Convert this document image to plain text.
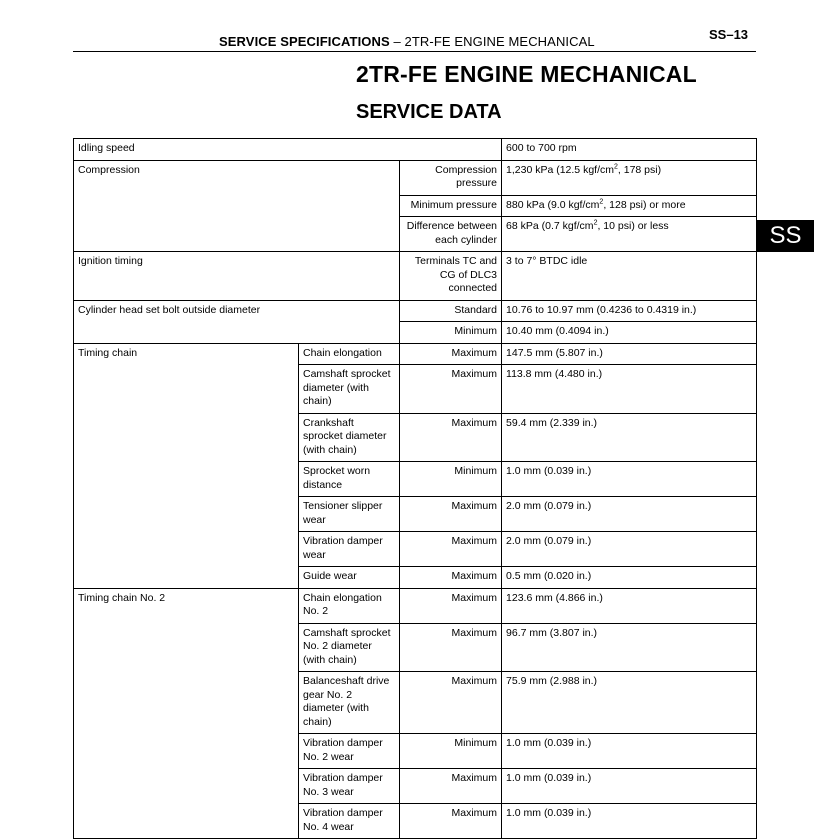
SERVICE SPECIFICATIONS – 2TR-FE ENGINE MECHANICAL	SS–13
2TR-FE ENGINE MECHANICAL
SERVICE DATA
SS
Idling speed			600 to 700 rpm
Compression		Compression pressure	1,230 kPa (12.5 kgf/$cm^2$, 178 psi)
		Minimum pressure	880 kPa (9.0 kgf/$cm^2$, 128 psi) or more
		Difference between each cylinder	68 kPa (0.7 kgf/$cm^2$, 10 psi) or less
Ignition timing		Terminals TC and CG of DLC3 connected	3 to 7° BTDC idle
Cylinder head set bolt outside diameter		Standard	10.76 to 10.97 mm (0.4236 to 0.4319 in.)
		Minimum	10.40 mm (0.4094 in.)
Timing chain	Chain elongation	Maximum	147.5 mm (5.807 in.)
	Camshaft sprocket diameter (with chain)	Maximum	113.8 mm (4.480 in.)
	Crankshaft sprocket diameter (with chain)	Maximum	59.4 mm (2.339 in.)
	Sprocket worn distance	Minimum	1.0 mm (0.039 in.)
	Tensioner slipper wear	Maximum	2.0 mm (0.079 in.)
	Vibration damper wear	Maximum	2.0 mm (0.079 in.)
	Guide wear	Maximum	0.5 mm (0.020 in.)
Timing chain No. 2	Chain elongation No. 2	Maximum	123.6 mm (4.866 in.)
	Camshaft sprocket No. 2 diameter (with chain)	Maximum	96.7 mm (3.807 in.)
	Balanceshaft drive gear No. 2 diameter (with chain)	Maximum	75.9 mm (2.988 in.)
	Vibration damper No. 2 wear	Minimum	1.0 mm (0.039 in.)
	Vibration damper No. 3 wear	Maximum	1.0 mm (0.039 in.)
	Vibration damper No. 4 wear	Maximum	1.0 mm (0.039 in.)
